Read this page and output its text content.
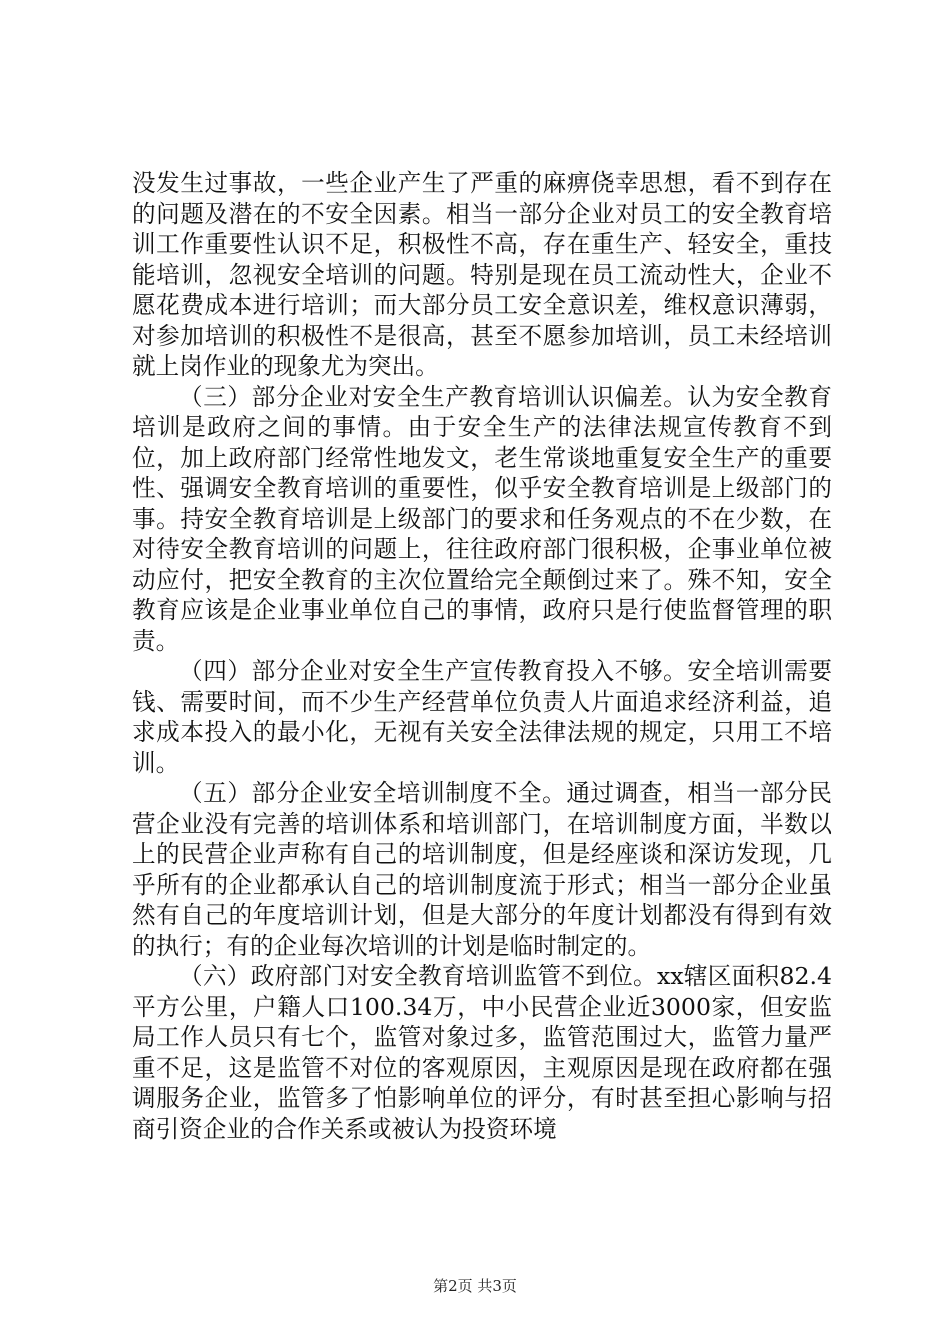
没发生过事故，一些企业产生了严重的麻痹侥幸思想，看不到存在的问题及潜在的不安全因素。相当一部分企业对员工的安全教育培训工作重要性认识不足，积极性不高，存在重生产、轻安全，重技能培训，忽视安全培训的问题。特别是现在员工流动性大，企业不愿花费成本进行培训；而大部分员工安全意识差，维权意识薄弱，对参加培训的积极性不是很高，甚至不愿参加培训，员工未经培训就上岗作业的现象尤为突出。

（三）部分企业对安全生产教育培训认识偏差。认为安全教育培训是政府之间的事情。由于安全生产的法律法规宣传教育不到位，加上政府部门经常性地发文，老生常谈地重复安全生产的重要性、强调安全教育培训的重要性，似乎安全教育培训是上级部门的事。持安全教育培训是上级部门的要求和任务观点的不在少数，在对待安全教育培训的问题上，往往政府部门很积极，企事业单位被动应付，把安全教育的主次位置给完全颠倒过来了。殊不知，安全教育应该是企业事业单位自己的事情，政府只是行使监督管理的职责。

（四）部分企业对安全生产宣传教育投入不够。安全培训需要钱、需要时间，而不少生产经营单位负责人片面追求经济利益，追求成本投入的最小化，无视有关安全法律法规的规定，只用工不培训。

（五）部分企业安全培训制度不全。通过调查，相当一部分民营企业没有完善的培训体系和培训部门，在培训制度方面，半数以上的民营企业声称有自己的培训制度，但是经座谈和深访发现，几乎所有的企业都承认自己的培训制度流于形式；相当一部分企业虽然有自己的年度培训计划，但是大部分的年度计划都没有得到有效的执行；有的企业每次培训的计划是临时制定的。

（六）政府部门对安全教育培训监管不到位。xx辖区面积82.4平方公里，户籍人口100.34万，中小民营企业近3000家，但安监局工作人员只有七个，监管对象过多，监管范围过大，监管力量严重不足，这是监管不对位的客观原因，主观原因是现在政府都在强调服务企业，监管多了怕影响单位的评分，有时甚至担心影响与招商引资企业的合作关系或被认为投资环境

第2页 共3页
